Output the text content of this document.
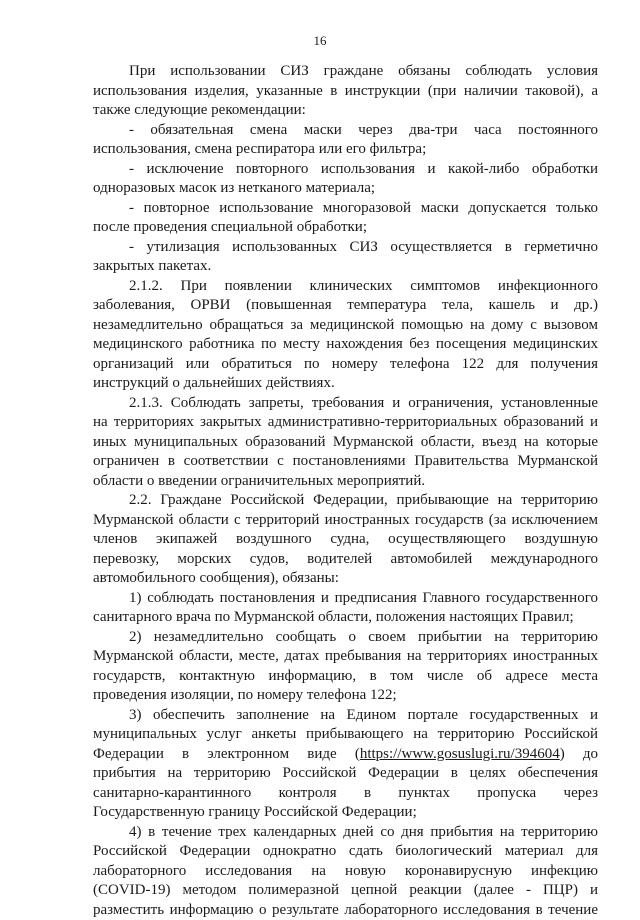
16
При использовании СИЗ граждане обязаны соблюдать условия
использования изделия, указанные в инструкции (при наличии таковой), а
также следующие рекомендации:
- обязательная смена маски через два-три часа постоянного
использования, смена респиратора или его фильтра;
- исключение повторного использования и какой-либо обработки
одноразовых масок из нетканого материала;
- повторное использование многоразовой маски допускается только
после проведения специальной обработки;
- утилизация использованных СИЗ осуществляется в герметично
закрытых пакетах.
2.1.2. При появлении клинических симптомов инфекционного
заболевания, ОРВИ (повышенная температура тела, кашель и др.)
незамедлительно обращаться за медицинской помощью на дому с вызовом
медицинского работника по месту нахождения без посещения медицинских
организаций или обратиться по номеру телефона 122 для получения
инструкций о дальнейших действиях.
2.1.3. Соблюдать запреты, требования и ограничения, установленные
на территориях закрытых административно-территориальных образований и
иных муниципальных образований Мурманской области, въезд на которые
ограничен в соответствии с постановлениями Правительства Мурманской
области о введении ограничительных мероприятий.
2.2. Граждане Российской Федерации, прибывающие на территорию
Мурманской области с территорий иностранных государств (за исключением
членов экипажей воздушного судна, осуществляющего воздушную
перевозку, морских судов, водителей автомобилей международного
автомобильного сообщения), обязаны:
1) соблюдать постановления и предписания Главного государственного
санитарного врача по Мурманской области, положения настоящих Правил;
2) незамедлительно сообщать о своем прибытии на территорию
Мурманской области, месте, датах пребывания на территориях иностранных
государств, контактную информацию, в том числе об адресе места
проведения изоляции, по номеру телефона 122;
3) обеспечить заполнение на Едином портале государственных и
муниципальных услуг анкеты прибывающего на территорию Российской
Федерации в электронном виде (https://www.gosuslugi.ru/394604) до
прибытия на территорию Российской Федерации в целях обеспечения
санитарно-карантинного контроля в пунктах пропуска через
Государственную границу Российской Федерации;
4) в течение трех календарных дней со дня прибытия на территорию
Российской Федерации однократно сдать биологический материал для
лабораторного исследования на новую коронавирусную инфекцию
(COVID-19) методом полимеразной цепной реакции (далее - ПЦР) и
разместить информацию о результате лабораторного исследования в течение
